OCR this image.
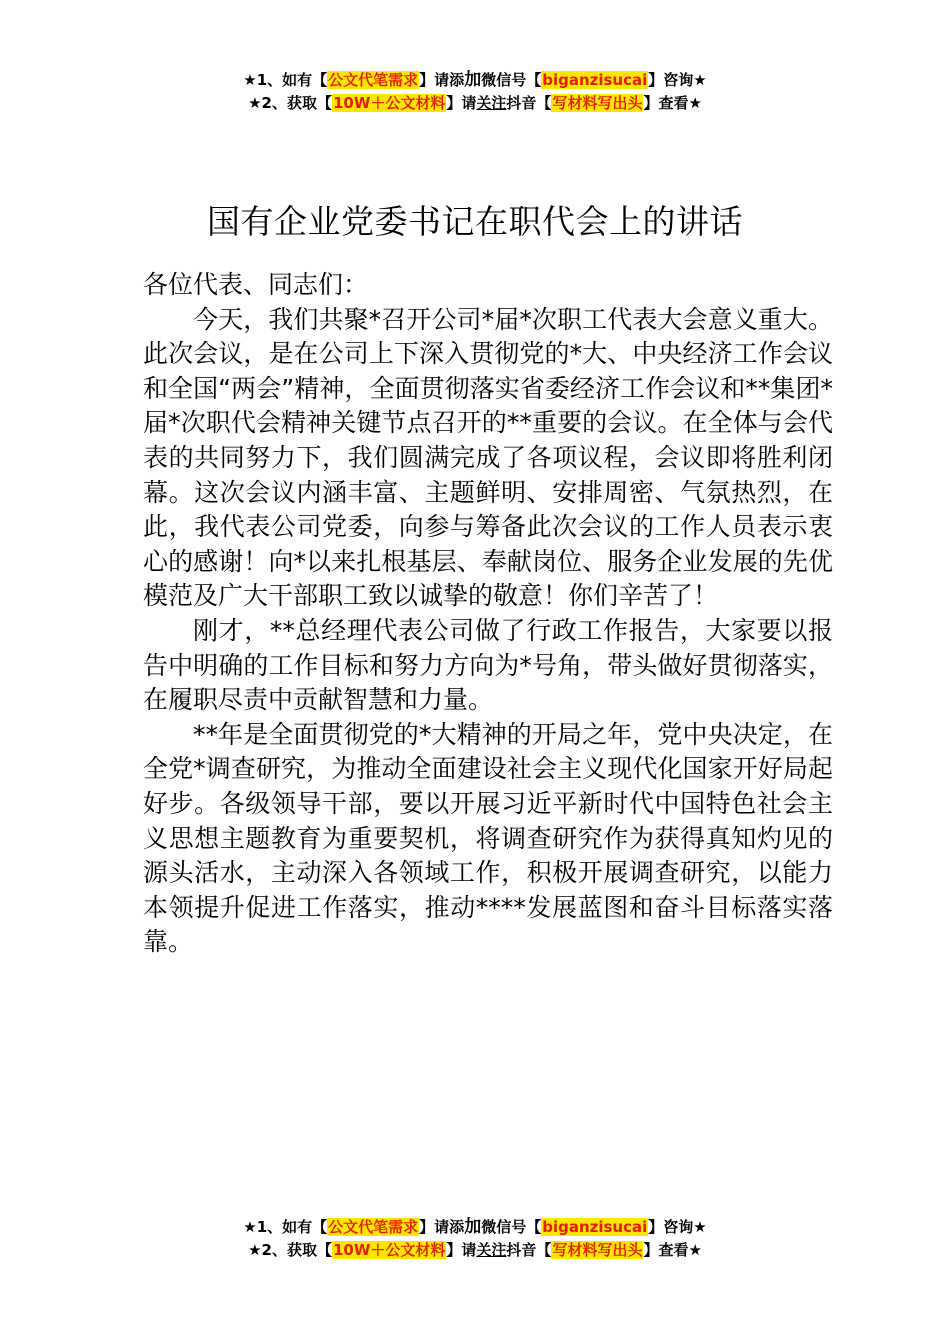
★1、如有【公文代笔需求】请添加微信号【biganzisucai】咨询★
★2、获取【10W＋公文材料】请关注抖音【写材料写出头】查看★
国有企业党委书记在职代会上的讲话

各位代表、同志们：

今天，我们共聚*召开公司*届*次职工代表大会意义重大。此次会议，是在公司上下深入贯彻党的*大、中央经济工作会议和全国“两会”精神，全面贯彻落实省委经济工作会议和**集团*届*次职代会精神关键节点召开的**重要的会议。在全体与会代表的共同努力下，我们圆满完成了各项议程，会议即将胜利闭幕。这次会议内涵丰富、主题鲜明、安排周密、气氛热烈，在此，我代表公司党委，向参与筹备此次会议的工作人员表示衷心的感谢！向*以来扎根基层、奉献岗位、服务企业发展的先优模范及广大干部职工致以诚挚的敬意！你们辛苦了！

刚才，**总经理代表公司做了行政工作报告，大家要以报告中明确的工作目标和努力方向为*号角，带头做好贯彻落实，在履职尽责中贡献智慧和力量。

**年是全面贯彻党的*大精神的开局之年，党中央决定，在全党*调查研究，为推动全面建设社会主义现代化国家开好局起好步。各级领导干部，要以开展习近平新时代中国特色社会主义思想主题教育为重要契机，将调查研究作为获得真知灼见的源头活水，主动深入各领域工作，积极开展调查研究，以能力本领提升促进工作落实，推动****发展蓝图和奋斗目标落实落靠。

★1、如有【公文代笔需求】请添加微信号【biganzisucai】咨询★
★2、获取【10W＋公文材料】请关注抖音【写材料写出头】查看★
